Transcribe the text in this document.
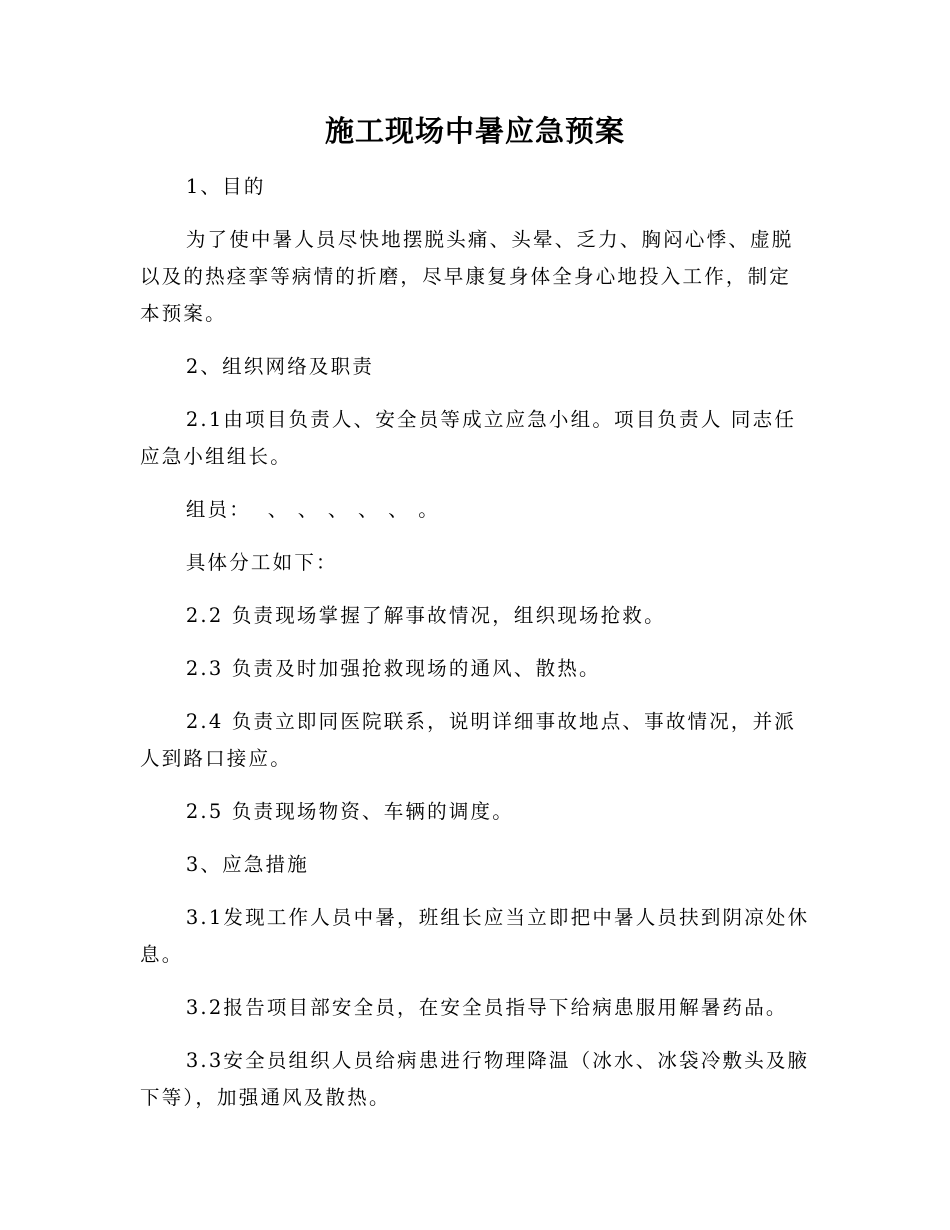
施工现场中暑应急预案

1、目的

为了使中暑人员尽快地摆脱头痛、头晕、乏力、胸闷心悸、虚脱以及的热痉挛等病情的折磨，尽早康复身体全身心地投入工作，制定本预案。

2、组织网络及职责

2.1由项目负责人、安全员等成立应急小组。项目负责人 同志任应急小组组长。

组员：  、 、 、 、 、 。

具体分工如下：

2.2 负责现场掌握了解事故情况，组织现场抢救。

2.3 负责及时加强抢救现场的通风、散热。

2.4 负责立即同医院联系，说明详细事故地点、事故情况，并派人到路口接应。

2.5 负责现场物资、车辆的调度。

3、应急措施

3.1发现工作人员中暑，班组长应当立即把中暑人员扶到阴凉处休息。

3.2报告项目部安全员，在安全员指导下给病患服用解暑药品。

3.3安全员组织人员给病患进行物理降温（冰水、冰袋冷敷头及腋下等），加强通风及散热。
